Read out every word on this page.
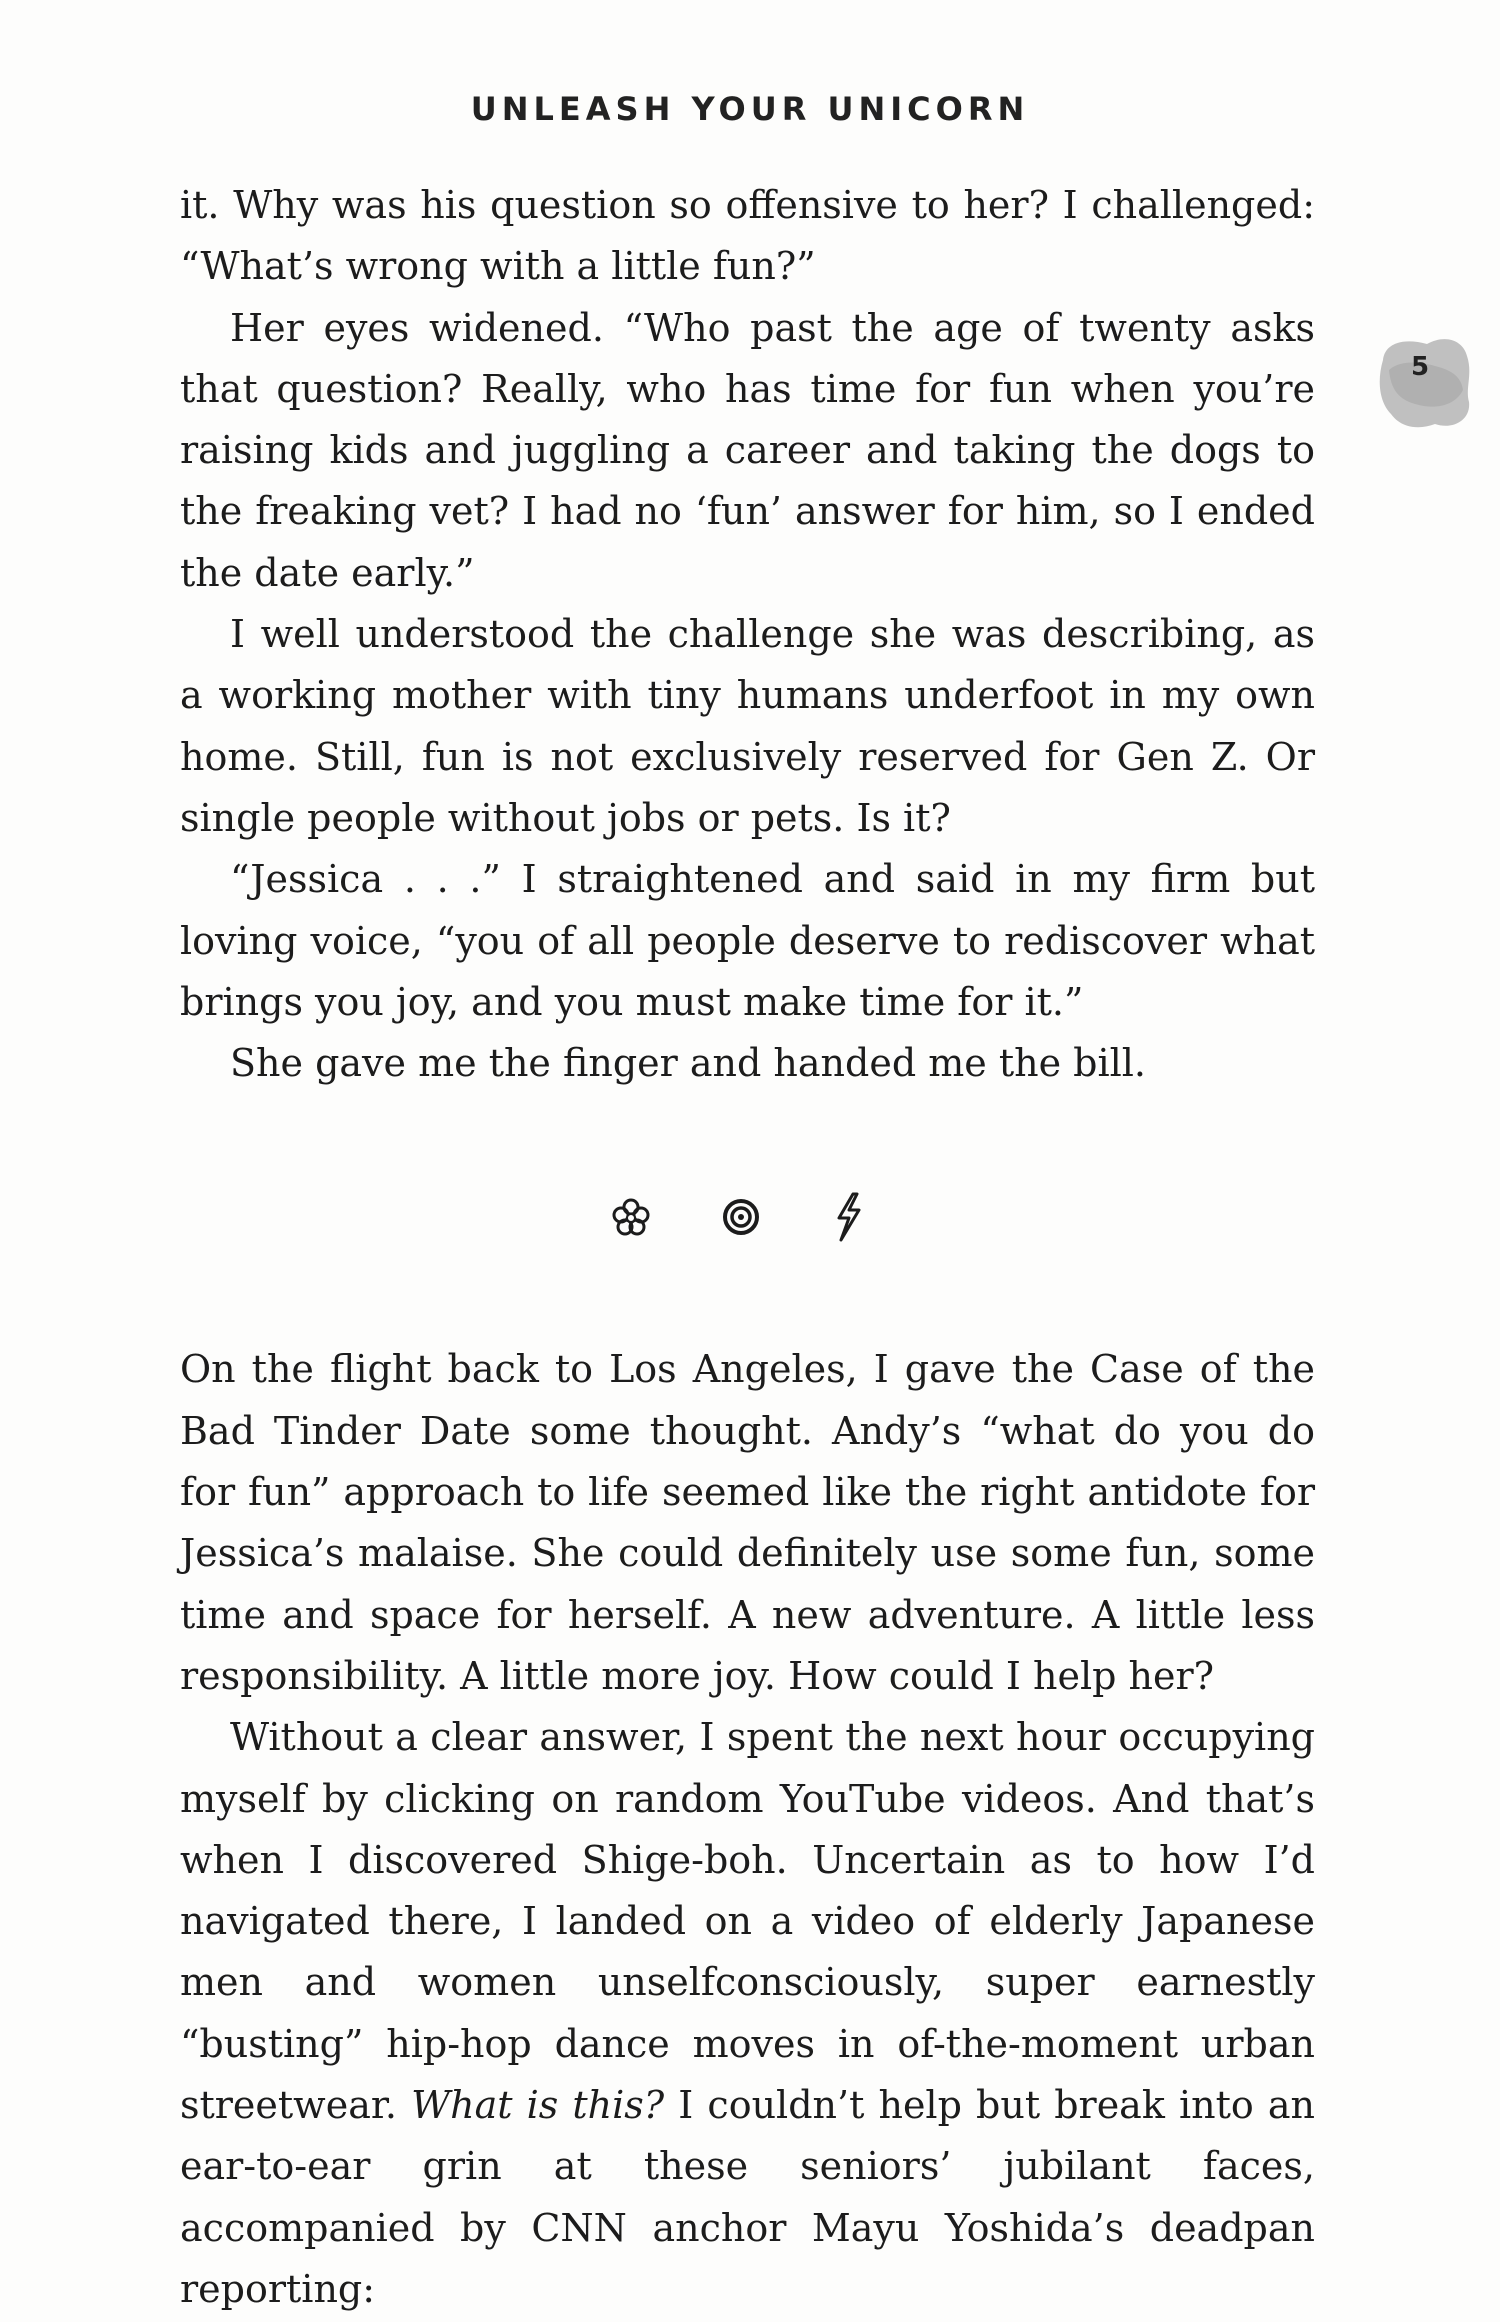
UNLEASH YOUR UNICORN
5

it. Why was his question so offensive to her? I challenged: “What’s wrong with a little fun?”

Her eyes widened. “Who past the age of twenty asks that question? Really, who has time for fun when you’re raising kids and juggling a career and taking the dogs to the freaking vet? I had no ‘fun’ answer for him, so I ended the date early.”

I well understood the challenge she was describing, as a working mother with tiny humans underfoot in my own home. Still, fun is not exclusively reserved for Gen Z. Or single people without jobs or pets. Is it?

“Jessica . . .” I straightened and said in my firm but loving voice, “you of all people deserve to rediscover what brings you joy, and you must make time for it.”

She gave me the finger and handed me the bill.

On the flight back to Los Angeles, I gave the Case of the Bad Tinder Date some thought. Andy’s “what do you do for fun” approach to life seemed like the right antidote for Jessica’s malaise. She could definitely use some fun, some time and space for herself. A new adventure. A little less responsibility. A little more joy. How could I help her?

Without a clear answer, I spent the next hour occupying myself by clicking on random YouTube videos. And that’s when I discovered Shige-boh. Uncertain as to how I’d navigated there, I landed on a video of elderly Japanese men and women unselfconsciously, super earnestly “busting” hip-hop dance moves in of-the-moment urban streetwear. What is this? I couldn’t help but break into an ear-to-ear grin at these seniors’ jubilant faces, accompanied by CNN anchor Mayu Yoshida’s deadpan reporting:
